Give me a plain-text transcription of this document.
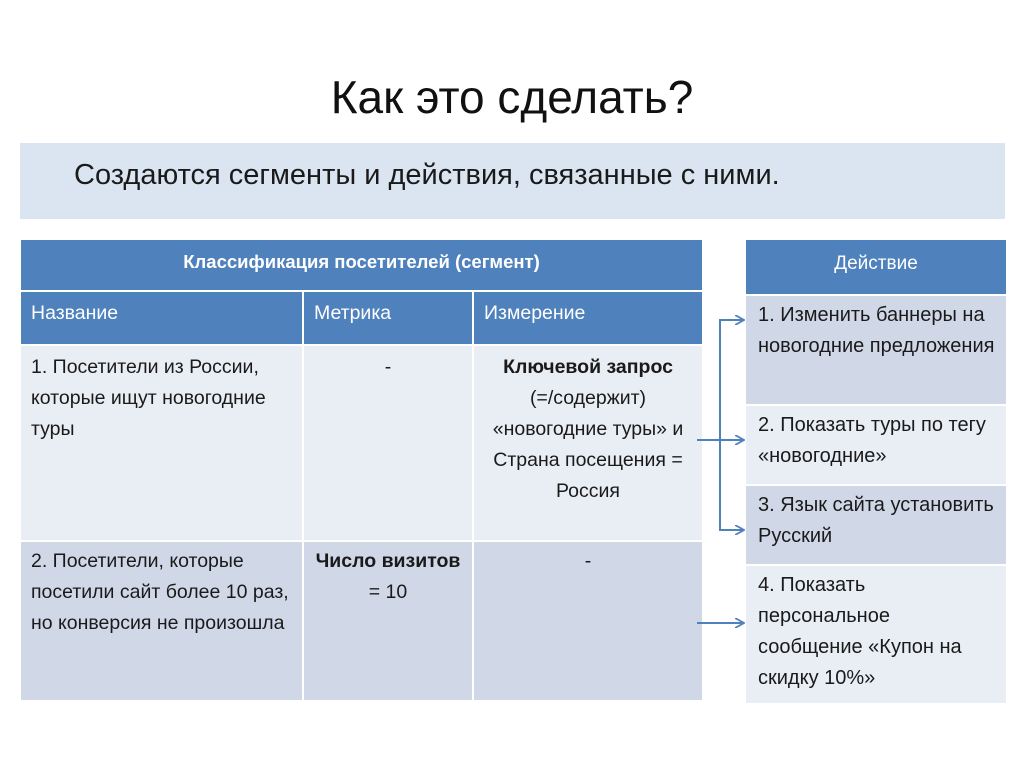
Как это сделать?
Создаются сегменты и действия, связанные с ними.
Классификация посетителей (сегмент)		
Название	Метрика	Измерение
1. Посетители из России, которые ищут новогодние туры	-	Ключевой запрос
(=/содержит) «новогодние туры» и Страна посещения = Россия
2. Посетители, которые посетили сайт более 10 раз, но конверсия не произошла	Число визитов = 10	-
Действие
1. Изменить баннеры на новогодние предложения
2. Показать туры по тегу «новогодние»
3. Язык сайта установить Русский
4. Показать персональное сообщение «Купон на скидку 10%»
